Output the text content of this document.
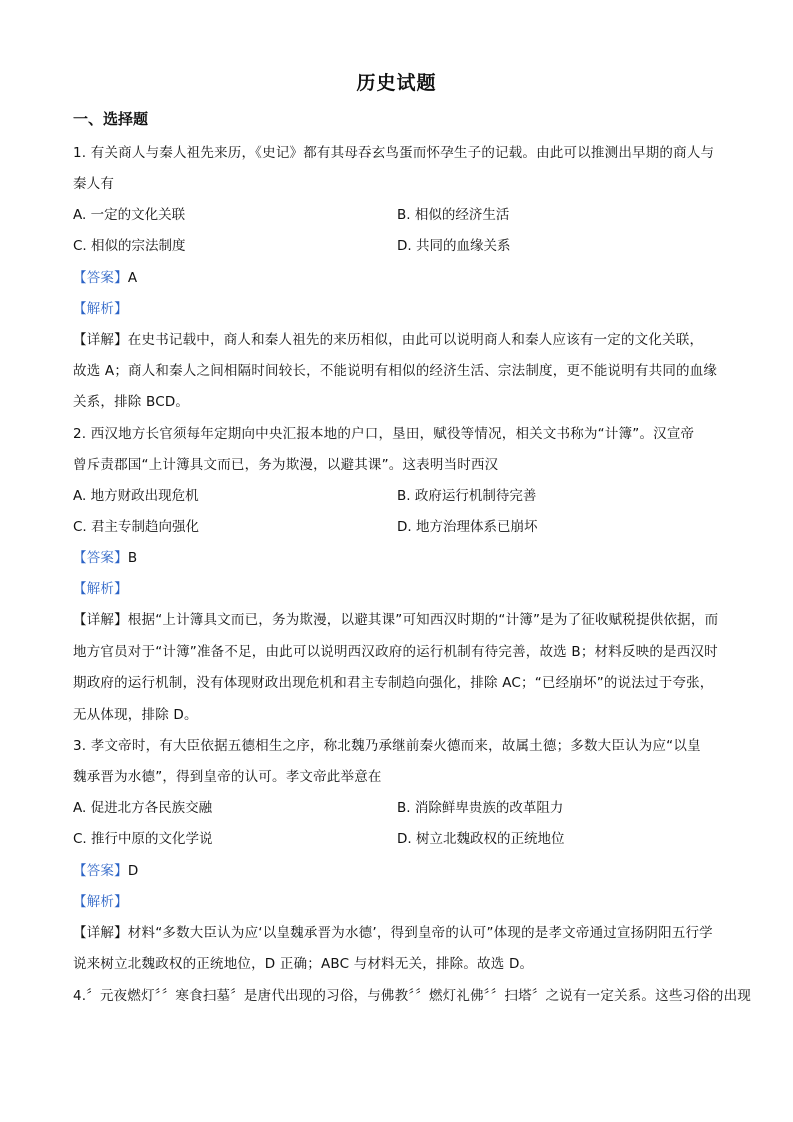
历史试题
一、选择题
1. 有关商人与秦人祖先来历，《史记》都有其母吞玄鸟蛋而怀孕生子的记载。由此可以推测出早期的商人与
秦人有
A. 一定的文化关联	B. 相似的经济生活
C. 相似的宗法制度	D. 共同的血缘关系
【答案】A
【解析】
【详解】在史书记载中，商人和秦人祖先的来历相似，由此可以说明商人和秦人应该有一定的文化关联，
故选 A；商人和秦人之间相隔时间较长，不能说明有相似的经济生活、宗法制度，更不能说明有共同的血缘
关系，排除 BCD。
2. 西汉地方长官须每年定期向中央汇报本地的户口，垦田，赋役等情况，相关文书称为“计簿”。汉宣帝
曾斥责郡国“上计簿具文而已，务为欺漫，以避其课”。这表明当时西汉
A. 地方财政出现危机	B. 政府运行机制待完善
C. 君主专制趋向强化	D. 地方治理体系已崩坏
【答案】B
【解析】
【详解】根据“上计簿具文而已，务为欺漫，以避其课”可知西汉时期的“计簿”是为了征收赋税提供依据，而
地方官员对于“计簿”准备不足，由此可以说明西汉政府的运行机制有待完善，故选 B；材料反映的是西汉时
期政府的运行机制，没有体现财政出现危机和君主专制趋向强化，排除 AC；“已经崩坏”的说法过于夸张，
无从体现，排除 D。
3. 孝文帝时，有大臣依据五德相生之序，称北魏乃承继前秦火德而来，故属土德；多数大臣认为应“以皇
魏承晋为水德”，得到皇帝的认可。孝文帝此举意在
A. 促进北方各民族交融	B. 消除鲜卑贵族的改革阻力
C. 推行中原的文化学说	D. 树立北魏政权的正统地位
【答案】D
【解析】
【详解】材料“多数大臣认为应‘以皇魏承晋为水德’，得到皇帝的认可”体现的是孝文帝通过宣扬阴阳五行学
说来树立北魏政权的正统地位，D 正确；ABC 与材料无关，排除。故选 D。
4.〞元夜燃灯〞〞寒食扫墓〞是唐代出现的习俗，与佛教〞〞燃灯礼佛〞〞扫塔〞之说有一定关系。这些习俗的出现
